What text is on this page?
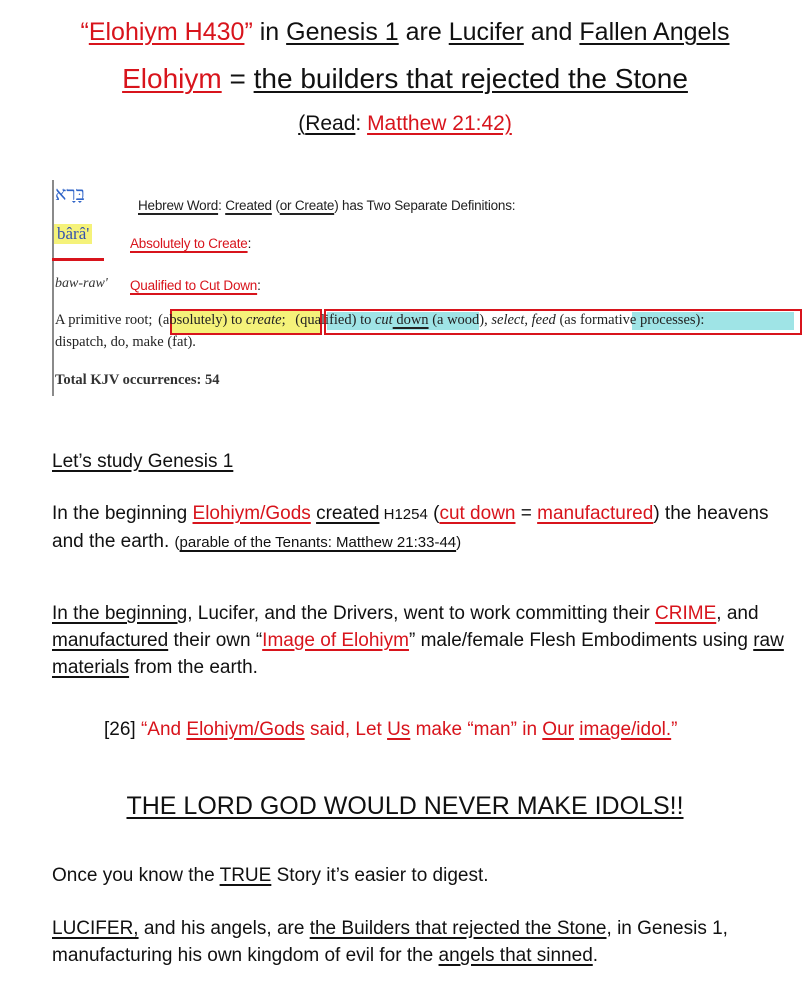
“Elohiym H430” in Genesis 1 are Lucifer and Fallen Angels
Elohiym = the builders that rejected the Stone
(Read: Matthew 21:42)
בָּרָא
Hebrew Word: Created (or Create) has Two Separate Definitions:
bârâ'
Absolutely to Create:
baw-raw' Qualified to Cut Down:
A primitive root; (absolutely) to create; (qualified) to cut down (a wood), select, feed (as formative processes):
dispatch, do, make (fat).
Total KJV occurrences: 54
Let’s study Genesis 1
In the beginning Elohiym/Gods created H1254 (cut down = manufactured) the heavens and the earth. (parable of the Tenants: Matthew 21:33-44)
In the beginning, Lucifer, and the Drivers, went to work committing their CRIME, and manufactured their own “Image of Elohiym” male/female Flesh Embodiments using raw materials from the earth.
[26] “And Elohiym/Gods said, Let Us make “man” in Our image/idol.”
THE LORD GOD WOULD NEVER MAKE IDOLS!!
Once you know the TRUE Story it’s easier to digest.
LUCIFER, and his angels, are the Builders that rejected the Stone, in Genesis 1, manufacturing his own kingdom of evil for the angels that sinned.
